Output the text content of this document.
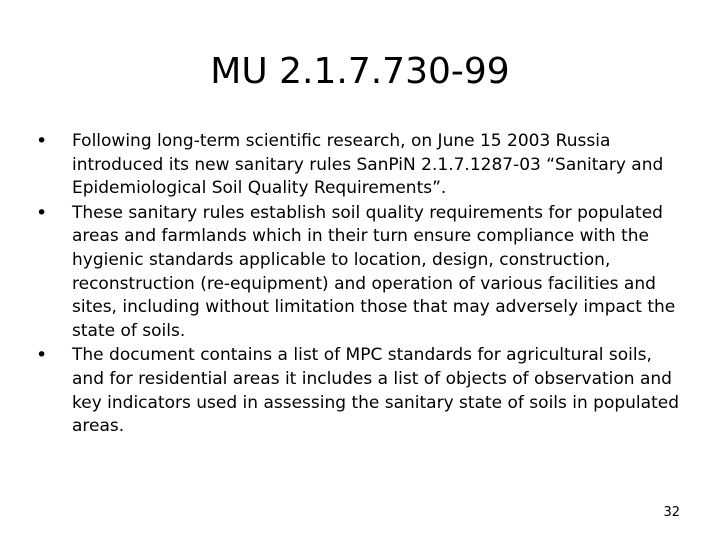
MU 2.1.7.730-99
• Following long-term scientific research, on June 15 2003 Russia introduced its new sanitary rules SanPiN 2.1.7.1287-03 “Sanitary and Epidemiological Soil Quality Requirements”.
• These sanitary rules establish soil quality requirements for populated areas and farmlands which in their turn ensure compliance with the hygienic standards applicable to location, design, construction, reconstruction (re-equipment) and operation of various facilities and sites, including without limitation those that may adversely impact the state of soils.
• The document contains a list of MPC standards for agricultural soils, and for residential areas it includes a list of objects of observation and key indicators used in assessing the sanitary state of soils in populated areas.
32
